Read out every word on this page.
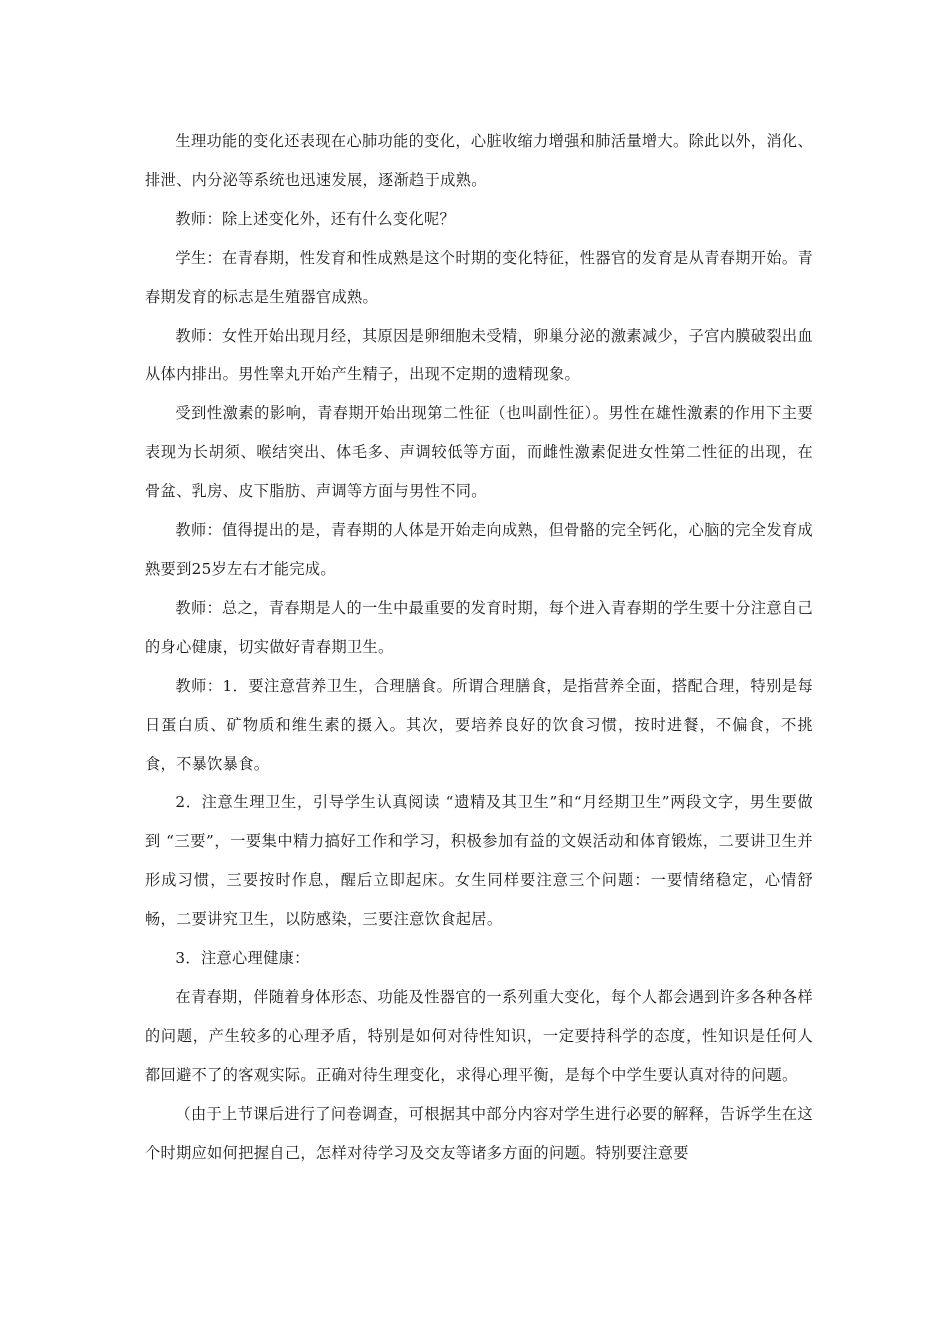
生理功能的变化还表现在心肺功能的变化，心脏收缩力增强和肺活量增大。除此以外，消化、排泄、内分泌等系统也迅速发展，逐渐趋于成熟。

教师：除上述变化外，还有什么变化呢？

学生：在青春期，性发育和性成熟是这个时期的变化特征，性器官的发育是从青春期开始。青春期发育的标志是生殖器官成熟。

教师：女性开始出现月经，其原因是卵细胞未受精，卵巢分泌的激素减少，子宫内膜破裂出血从体内排出。男性睾丸开始产生精子，出现不定期的遗精现象。

受到性激素的影响，青春期开始出现第二性征（也叫副性征）。男性在雄性激素的作用下主要表现为长胡须、喉结突出、体毛多、声调较低等方面，而雌性激素促进女性第二性征的出现，在骨盆、乳房、皮下脂肪、声调等方面与男性不同。

教师：值得提出的是，青春期的人体是开始走向成熟，但骨骼的完全钙化，心脑的完全发育成熟要到25岁左右才能完成。

教师：总之，青春期是人的一生中最重要的发育时期，每个进入青春期的学生要十分注意自己的身心健康，切实做好青春期卫生。

教师：1．要注意营养卫生，合理膳食。所谓合理膳食，是指营养全面，搭配合理，特别是每日蛋白质、矿物质和维生素的摄入。其次，要培养良好的饮食习惯，按时进餐，不偏食，不挑食，不暴饮暴食。

2．注意生理卫生，引导学生认真阅读 “遗精及其卫生”和“月经期卫生”两段文字，男生要做到 “三要”，一要集中精力搞好工作和学习，积极参加有益的文娱活动和体育锻炼，二要讲卫生并形成习惯，三要按时作息，醒后立即起床。女生同样要注意三个问题：一要情绪稳定，心情舒畅，二要讲究卫生，以防感染，三要注意饮食起居。

3．注意心理健康：

在青春期，伴随着身体形态、功能及性器官的一系列重大变化，每个人都会遇到许多各种各样的问题，产生较多的心理矛盾，特别是如何对待性知识，一定要持科学的态度，性知识是任何人都回避不了的客观实际。正确对待生理变化，求得心理平衡，是每个中学生要认真对待的问题。

（由于上节课后进行了问卷调查，可根据其中部分内容对学生进行必要的解释，告诉学生在这个时期应如何把握自己，怎样对待学习及交友等诸多方面的问题。特别要注意要
